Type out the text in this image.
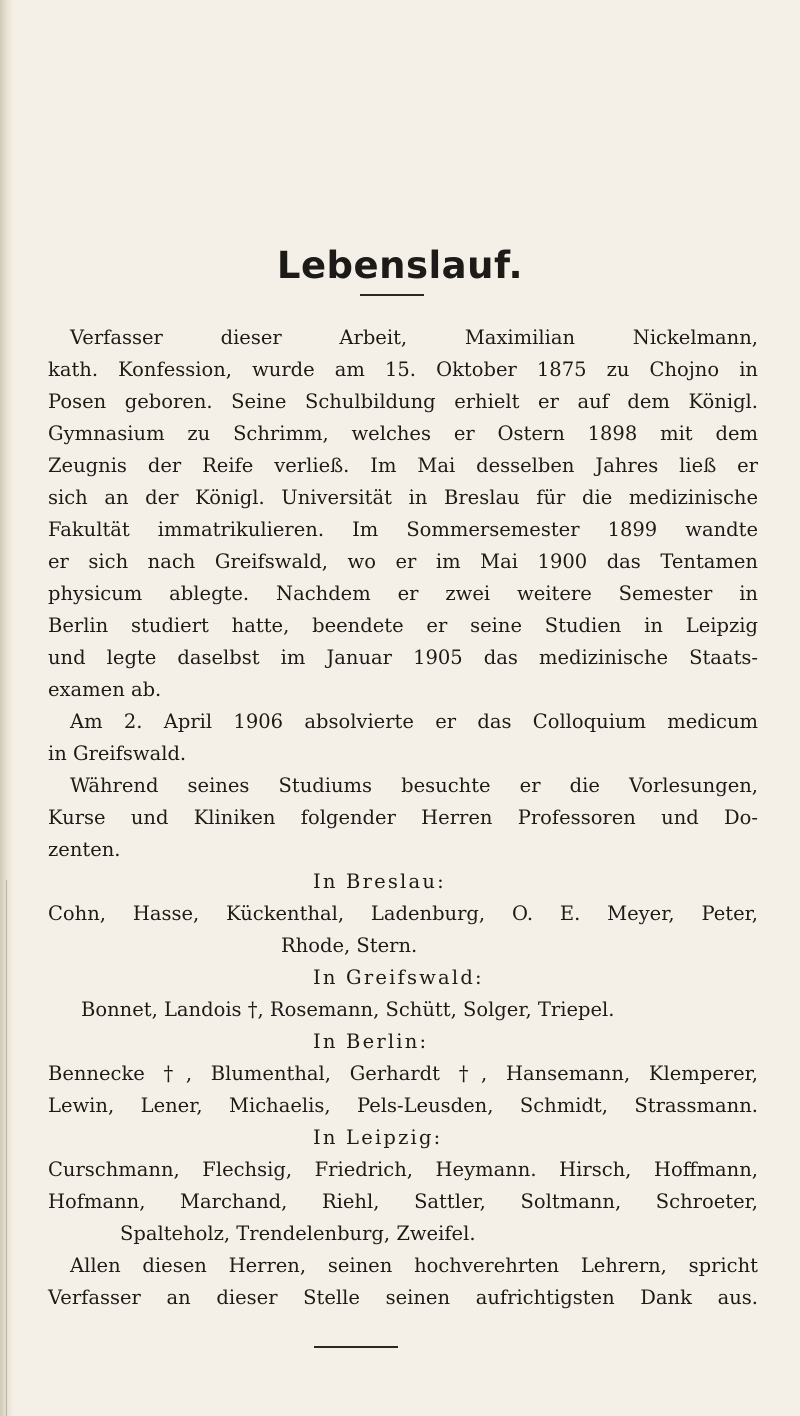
Lebenslauf.
Verfasser dieser Arbeit, Maximilian Nickelmann,
kath. Konfession, wurde am 15. Oktober 1875 zu Chojno in
Posen geboren. Seine Schulbildung erhielt er auf dem Königl.
Gymnasium zu Schrimm, welches er Ostern 1898 mit dem
Zeugnis der Reife verließ. Im Mai desselben Jahres ließ er
sich an der Königl. Universität in Breslau für die medizinische
Fakultät immatrikulieren. Im Sommersemester 1899 wandte
er sich nach Greifswald, wo er im Mai 1900 das Tentamen
physicum ablegte. Nachdem er zwei weitere Semester in
Berlin studiert hatte, beendete er seine Studien in Leipzig
und legte daselbst im Januar 1905 das medizinische Staats-
examen ab.
Am 2. April 1906 absolvierte er das Colloquium medicum
in Greifswald.
Während seines Studiums besuchte er die Vorlesungen,
Kurse und Kliniken folgender Herren Professoren und Do-
zenten.
In Breslau:
Cohn, Hasse, Kückenthal, Ladenburg, O. E. Meyer, Peter,
Rhode, Stern.
In Greifswald:
Bonnet, Landois †, Rosemann, Schütt, Solger, Triepel.
In Berlin:
Bennecke †, Blumenthal, Gerhardt †, Hansemann, Klemperer,
Lewin, Lener, Michaelis, Pels-Leusden, Schmidt, Strassmann.
In Leipzig:
Curschmann, Flechsig, Friedrich, Heymann. Hirsch, Hoffmann,
Hofmann, Marchand, Riehl, Sattler, Soltmann, Schroeter,
Spalteholz, Trendelenburg, Zweifel.
Allen diesen Herren, seinen hochverehrten Lehrern, spricht
Verfasser an dieser Stelle seinen aufrichtigsten Dank aus.
